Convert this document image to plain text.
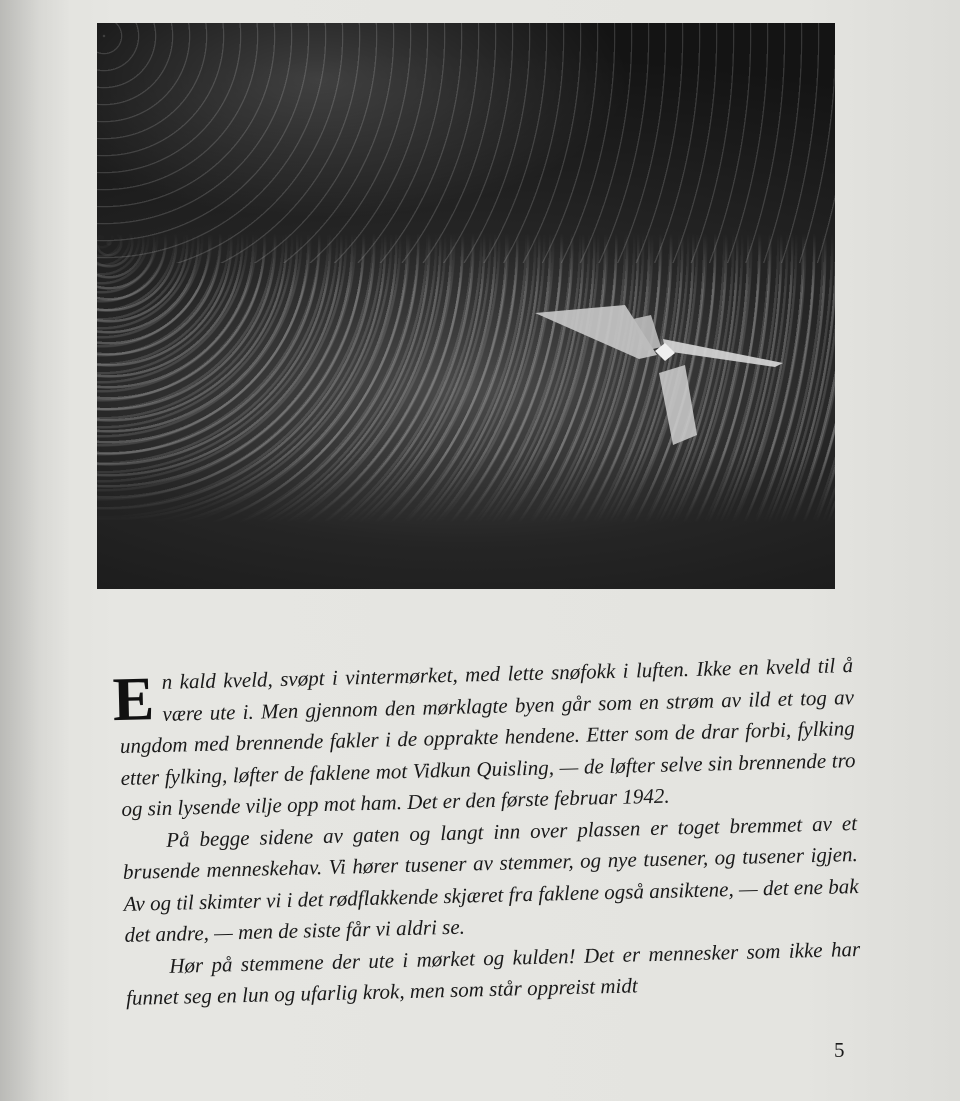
En kald kveld, svøpt i vintermørket, med lette snøfokk i luften. Ikke en kveld til å være ute i. Men gjennom den mørklagte byen går som en strøm av ild et tog av ungdom med brennende fakler i de opprakte hendene. Etter som de drar forbi, fylking etter fylking, løfter de faklene mot Vidkun Quisling, — de løfter selve sin brennende tro og sin lysende vilje opp mot ham. Det er den første februar 1942.

På begge sidene av gaten og langt inn over plassen er toget bremmet av et brusende menneskehav. Vi hører tusener av stemmer, og nye tusener, og tusener igjen. Av og til skimter vi i det rødflakkende skjæret fra faklene også ansiktene, — det ene bak det andre, — men de siste får vi aldri se.

Hør på stemmene der ute i mørket og kulden! Det er mennesker som ikke har funnet seg en lun og ufarlig krok, men som står oppreist midt

5
